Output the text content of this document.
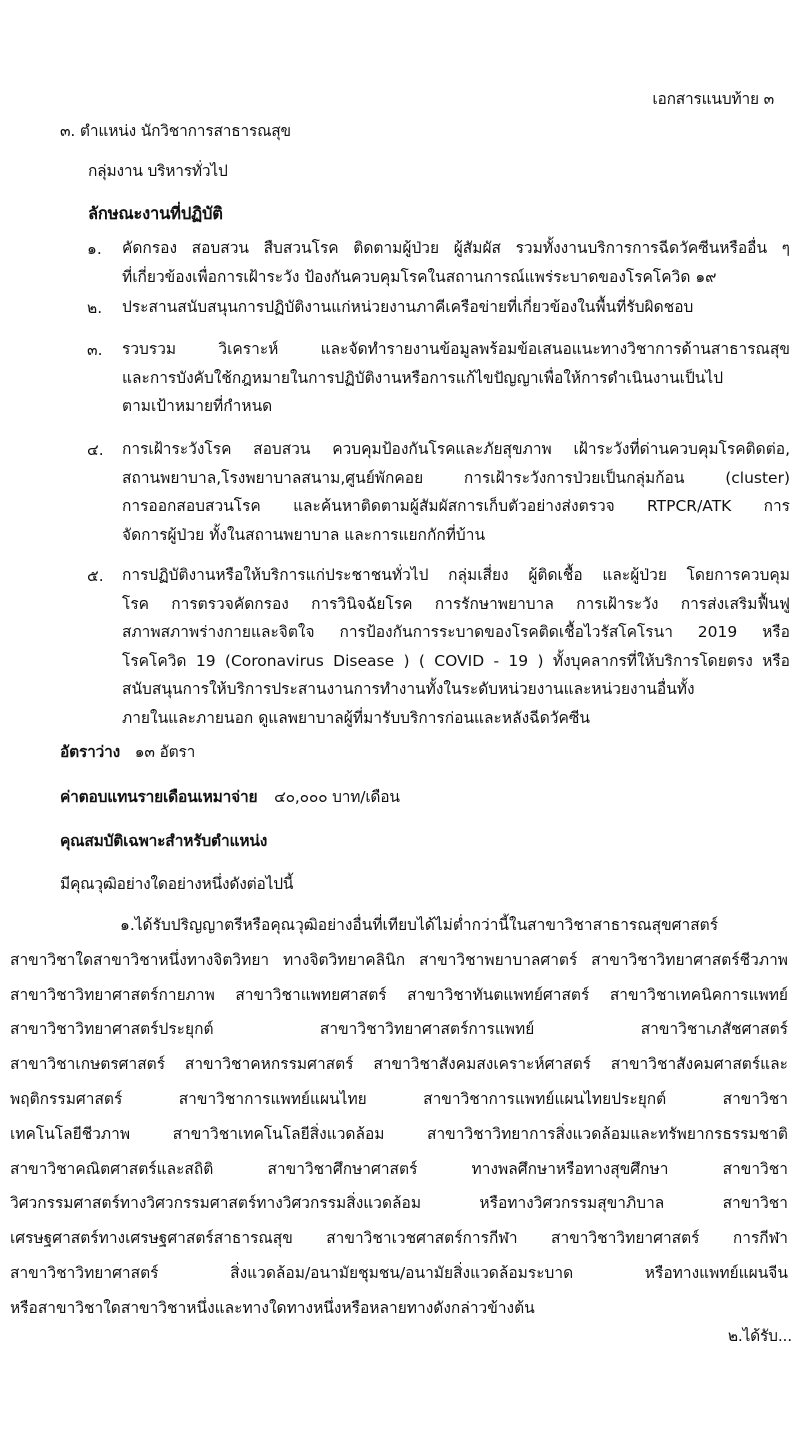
เอกสารแนบท้าย ๓
๓. ตำแหน่ง นักวิชาการสาธารณสุข
กลุ่มงาน บริหารทั่วไป
ลักษณะงานที่ปฏิบัติ
๑. คัดกรอง สอบสวน สืบสวนโรค ติดตามผู้ป่วย ผู้สัมผัส รวมทั้งงานบริการการฉีดวัคซีนหรืออื่น ๆ
ที่เกี่ยวข้องเพื่อการเฝ้าระวัง ป้องกันควบคุมโรคในสถานการณ์แพร่ระบาดของโรคโควิด ๑๙
๒. ประสานสนับสนุนการปฏิบัติงานแก่หน่วยงานภาคีเครือข่ายที่เกี่ยวข้องในพื้นที่รับผิดชอบ
๓. รวบรวม วิเคราะห์ และจัดทำรายงานข้อมูลพร้อมข้อเสนอแนะทางวิชาการด้านสาธารณสุข
และการบังคับใช้กฎหมายในการปฏิบัติงานหรือการแก้ไขปัญญาเพื่อให้การดำเนินงานเป็นไป
ตามเป้าหมายที่กำหนด
๔. การเฝ้าระวังโรค สอบสวน ควบคุมป้องกันโรคและภัยสุขภาพ เฝ้าระวังที่ด่านควบคุมโรคติดต่อ,
สถานพยาบาล,โรงพยาบาลสนาม,ศูนย์พักคอย การเฝ้าระวังการป่วยเป็นกลุ่มก้อน (cluster)
การออกสอบสวนโรค และค้นหาติดตามผู้สัมผัสการเก็บตัวอย่างส่งตรวจ RTPCR/ATK การ
จัดการผู้ป่วย ทั้งในสถานพยาบาล และการแยกกักที่บ้าน
๕. การปฏิบัติงานหรือให้บริการแก่ประชาชนทั่วไป กลุ่มเสี่ยง ผู้ติดเชื้อ และผู้ป่วย โดยการควบคุม
โรค การตรวจคัดกรอง การวินิจฉัยโรค การรักษาพยาบาล การเฝ้าระวัง การส่งเสริมฟื้นฟู
สภาพสภาพร่างกายและจิตใจ การป้องกันการระบาดของโรคติดเชื้อไวรัสโคโรนา 2019 หรือ
โรคโควิด 19 (Coronavirus Disease ) ( COVID - 19 ) ทั้งบุคลากรที่ให้บริการโดยตรง หรือ
สนับสนุนการให้บริการประสานงานการทำงานทั้งในระดับหน่วยงานและหน่วยงานอื่นทั้ง
ภายในและภายนอก ดูแลพยาบาลผู้ที่มารับบริการก่อนและหลังฉีดวัคซีน
อัตราว่าง ๑๓ อัตรา
ค่าตอบแทนรายเดือนเหมาจ่าย ๔๐,๐๐๐ บาท/เดือน
คุณสมบัติเฉพาะสำหรับตำแหน่ง
มีคุณวุฒิอย่างใดอย่างหนึ่งดังต่อไปนี้
๑.ได้รับปริญญาตรีหรือคุณวุฒิอย่างอื่นที่เทียบได้ไม่ต่ำกว่านี้ในสาขาวิชาสาธารณสุขศาสตร์
สาขาวิชาใดสาขาวิชาหนึ่งทางจิตวิทยา ทางจิตวิทยาคลินิก สาขาวิชาพยาบาลศาตร์ สาขาวิชาวิทยาศาสตร์ชีวภาพ
สาขาวิชาวิทยาศาสตร์กายภาพ สาขาวิชาแพทยศาสตร์ สาขาวิชาทันตแพทย์ศาสตร์ สาขาวิชาเทคนิคการแพทย์
สาขาวิชาวิทยาศาสตร์ประยุกต์ สาขาวิชาวิทยาศาสตร์การแพทย์ สาขาวิชาเภสัชศาสตร์
สาขาวิชาเกษตรศาสตร์ สาขาวิชาคหกรรมศาสตร์ สาขาวิชาสังคมสงเคราะห์ศาสตร์ สาขาวิชาสังคมศาสตร์และ
พฤติกรรมศาสตร์ สาขาวิชาการแพทย์แผนไทย สาขาวิชาการแพทย์แผนไทยประยุกต์ สาขาวิชา
เทคโนโลยีชีวภาพ สาขาวิชาเทคโนโลยีสิ่งแวดล้อม สาขาวิชาวิทยาการสิ่งแวดล้อมและทรัพยากรธรรมชาติ
สาขาวิชาคณิตศาสตร์และสถิติ สาขาวิชาศึกษาศาสตร์ ทางพลศึกษาหรือทางสุขศึกษา สาขาวิชา
วิศวกรรมศาสตร์ทางวิศวกรรมศาสตร์ทางวิศวกรรมสิ่งแวดล้อม หรือทางวิศวกรรมสุขาภิบาล สาขาวิชา
เศรษฐศาสตร์ทางเศรษฐศาสตร์สาธารณสุข สาขาวิชาเวชศาสตร์การกีฬา สาขาวิชาวิทยาศาสตร์ การกีฬา
สาขาวิชาวิทยาศาสตร์ สิ่งแวดล้อม/อนามัยชุมชน/อนามัยสิ่งแวดล้อมระบาด หรือทางแพทย์แผนจีน
หรือสาขาวิชาใดสาขาวิชาหนึ่งและทางใดทางหนึ่งหรือหลายทางดังกล่าวข้างต้น
๒.ได้รับ...
